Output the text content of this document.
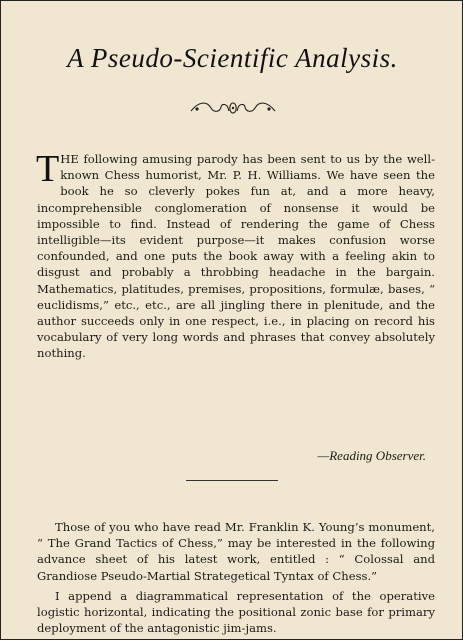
A Pseudo-Scientific Analysis.
THE following amusing parody has been sent to us by the well-known Chess humorist, Mr. P. H. Williams. We have seen the book he so cleverly pokes fun at, and a more heavy, incomprehensible conglomeration of nonsense it would be impossible to find. Instead of rendering the game of Chess intelligible—its evident purpose—it makes confusion worse confounded, and one puts the book away with a feeling akin to disgust and probably a throbbing headache in the bargain. Mathematics, platitudes, premises, propositions, formulæ, bases, “ euclidisms,” etc., etc., are all jingling there in plenitude, and the author succeeds only in one respect, i.e., in placing on record his vocabulary of very long words and phrases that convey absolutely nothing.
—Reading Observer.
Those of you who have read Mr. Franklin K. Young’s monument, “ The Grand Tactics of Chess,” may be interested in the following advance sheet of his latest work, entitled : “ Colossal and Grandiose Pseudo-Martial Strategetical Tyntax of Chess.”
I append a diagrammatical representation of the operative logistic horizontal, indicating the positional zonic base for primary deployment of the antagonistic jim-jams.
